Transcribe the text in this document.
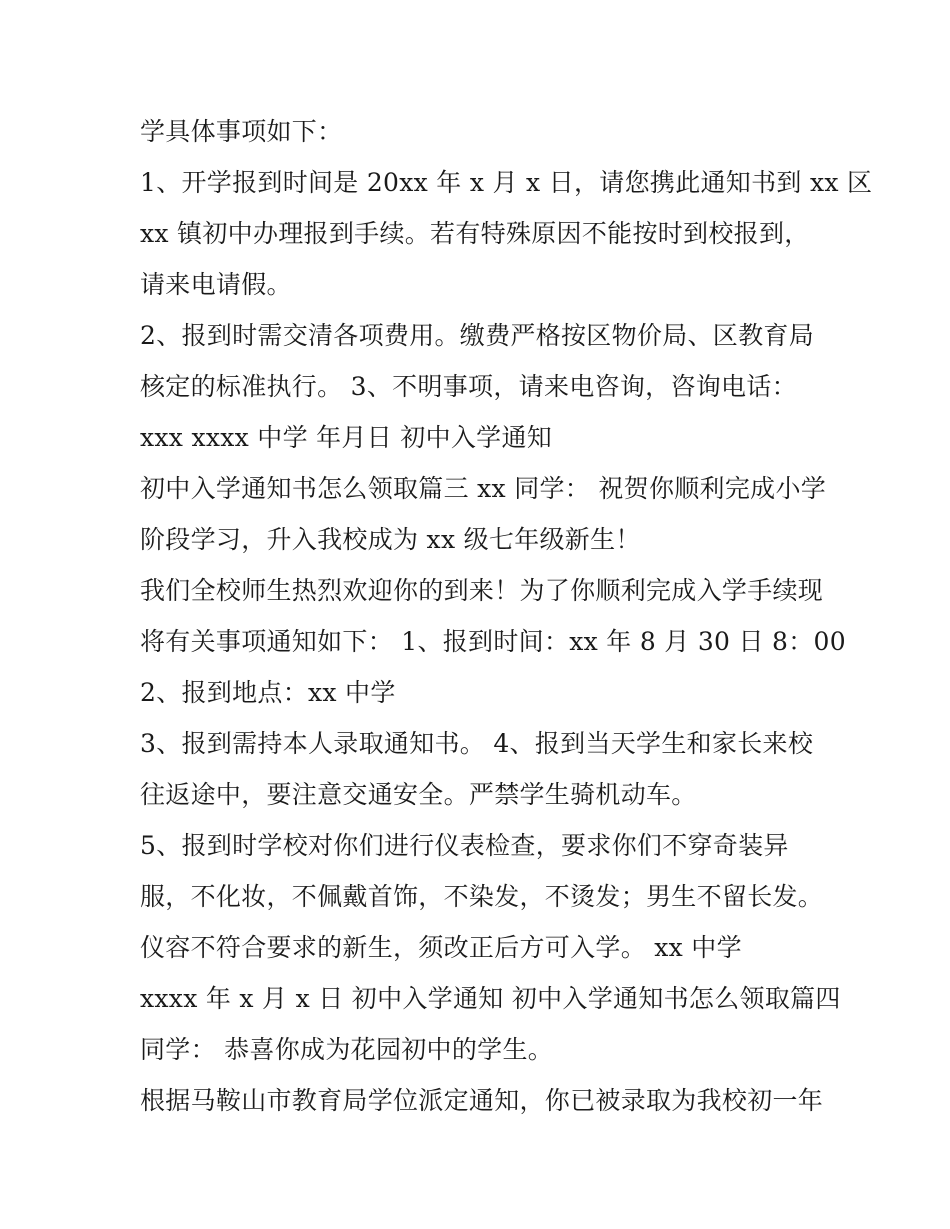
学具体事项如下：
1、开学报到时间是 20xx 年 x 月 x 日，请您携此通知书到 xx 区
xx 镇初中办理报到手续。若有特殊原因不能按时到校报到，
请来电请假。
2、报到时需交清各项费用。缴费严格按区物价局、区教育局
核定的标准执行。 3、不明事项，请来电咨询，咨询电话：
xxx xxxx 中学 年月日 初中入学通知
初中入学通知书怎么领取篇三 xx 同学： 祝贺你顺利完成小学
阶段学习，升入我校成为 xx 级七年级新生！
我们全校师生热烈欢迎你的到来！为了你顺利完成入学手续现
将有关事项通知如下： 1、报到时间：xx 年 8 月 30 日 8：00
2、报到地点：xx 中学
3、报到需持本人录取通知书。 4、报到当天学生和家长来校
往返途中，要注意交通安全。严禁学生骑机动车。
5、报到时学校对你们进行仪表检查，要求你们不穿奇装异
服，不化妆，不佩戴首饰，不染发，不烫发；男生不留长发。
仪容不符合要求的新生，须改正后方可入学。 xx 中学
xxxx 年 x 月 x 日 初中入学通知 初中入学通知书怎么领取篇四
同学： 恭喜你成为花园初中的学生。
根据马鞍山市教育局学位派定通知，你已被录取为我校初一年
